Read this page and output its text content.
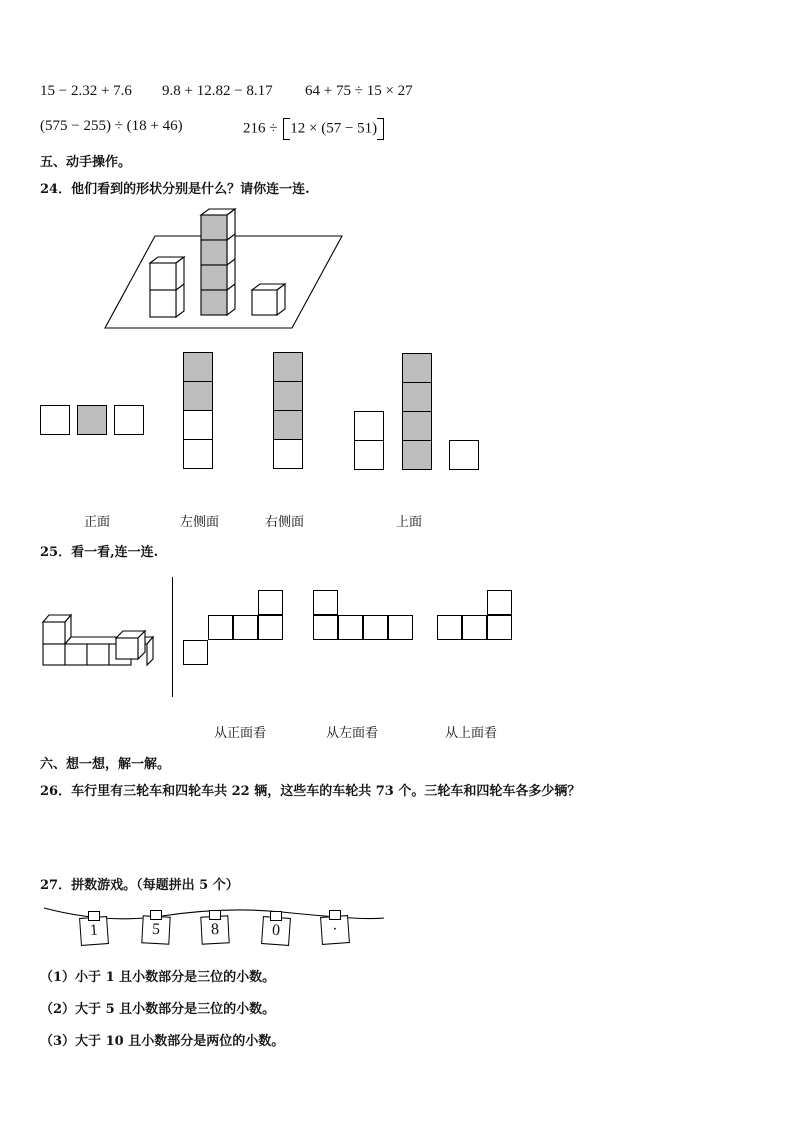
15 − 2.32 + 7.6 9.8 + 12.82 − 8.17 64 + 75 ÷ 15 × 27
(575 − 255) ÷ (18 + 46)	216 ÷ 12 × (57 − 51)
五、动手操作。
24．他们看到的形状分别是什么？请你连一连.
正面	左侧面	右侧面	上面
25．看一看,连一连.
从正面看	从左面看	从上面看
六、想一想，解一解。
26．车行里有三轮车和四轮车共 22 辆，这些车的车轮共 73 个。三轮车和四轮车各多少辆？
27．拼数游戏。（每题拼出 5 个）
1	5	8	0	·
（1）小于 1 且小数部分是三位的小数。
（2）大于 5 且小数部分是三位的小数。
（3）大于 10 且小数部分是两位的小数。
